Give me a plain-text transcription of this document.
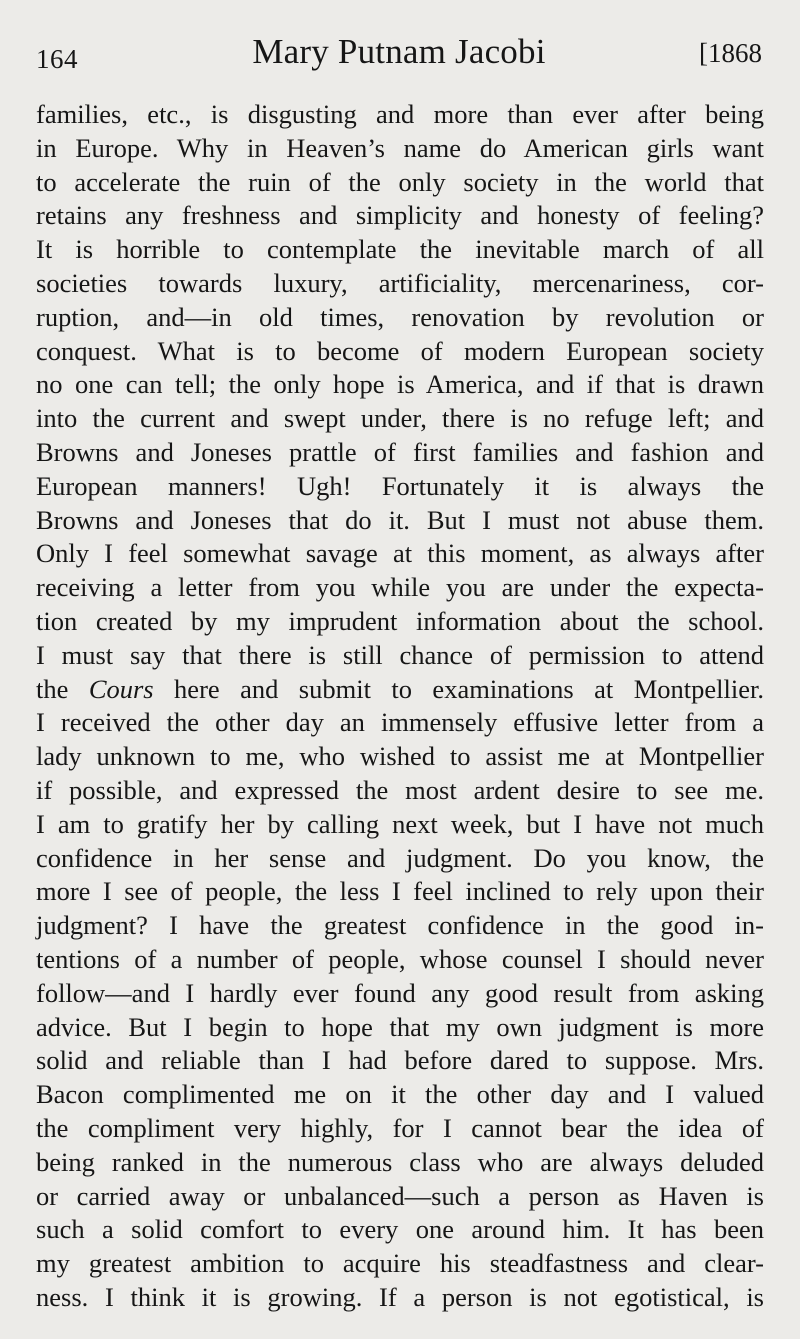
164	Mary Putnam Jacobi	[1868
families, etc., is disgusting and more than ever after being
in Europe. Why in Heaven’s name do American girls want
to accelerate the ruin of the only society in the world that
retains any freshness and simplicity and honesty of feeling?
It is horrible to contemplate the inevitable march of all
societies towards luxury, artificiality, mercenariness, cor-
ruption, and—in old times, renovation by revolution or
conquest. What is to become of modern European society
no one can tell; the only hope is America, and if that is drawn
into the current and swept under, there is no refuge left; and
Browns and Joneses prattle of first families and fashion and
European manners! Ugh! Fortunately it is always the
Browns and Joneses that do it. But I must not abuse them.
Only I feel somewhat savage at this moment, as always after
receiving a letter from you while you are under the expecta-
tion created by my imprudent information about the school.
I must say that there is still chance of permission to attend
the Cours here and submit to examinations at Montpellier.
I received the other day an immensely effusive letter from a
lady unknown to me, who wished to assist me at Montpellier
if possible, and expressed the most ardent desire to see me.
I am to gratify her by calling next week, but I have not much
confidence in her sense and judgment. Do you know, the
more I see of people, the less I feel inclined to rely upon their
judgment? I have the greatest confidence in the good in-
tentions of a number of people, whose counsel I should never
follow—and I hardly ever found any good result from asking
advice. But I begin to hope that my own judgment is more
solid and reliable than I had before dared to suppose. Mrs.
Bacon complimented me on it the other day and I valued
the compliment very highly, for I cannot bear the idea of
being ranked in the numerous class who are always deluded
or carried away or unbalanced—such a person as Haven is
such a solid comfort to every one around him. It has been
my greatest ambition to acquire his steadfastness and clear-
ness. I think it is growing. If a person is not egotistical, is
